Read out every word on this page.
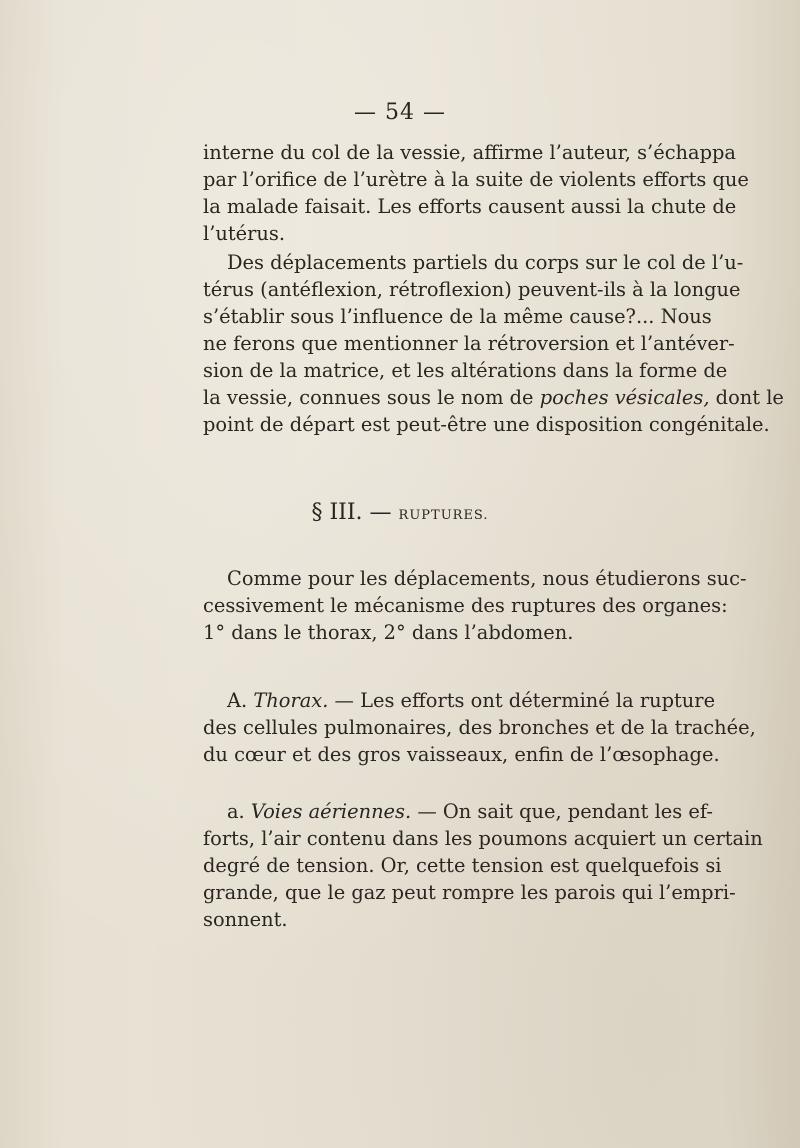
— 54 —
interne du col de la vessie, affirme l’auteur, s’échappa
par l’orifice de l’urètre à la suite de violents efforts que
la malade faisait. Les efforts causent aussi la chute de
l’utérus.
Des déplacements partiels du corps sur le col de l’u-
térus (antéflexion, rétroflexion) peuvent-ils à la longue
s’établir sous l’influence de la même cause?... Nous
ne ferons que mentionner la rétroversion et l’antéver-
sion de la matrice, et les altérations dans la forme de
la vessie, connues sous le nom de poches vésicales, dont le
point de départ est peut-être une disposition congénitale.
§ III. — RUPTURES.
Comme pour les déplacements, nous étudierons suc-
cessivement le mécanisme des ruptures des organes:
1° dans le thorax, 2° dans l’abdomen.
A. Thorax. — Les efforts ont déterminé la rupture
des cellules pulmonaires, des bronches et de la trachée,
du cœur et des gros vaisseaux, enfin de l’œsophage.
a. Voies aériennes. — On sait que, pendant les ef-
forts, l’air contenu dans les poumons acquiert un certain
degré de tension. Or, cette tension est quelquefois si
grande, que le gaz peut rompre les parois qui l’empri-
sonnent.
